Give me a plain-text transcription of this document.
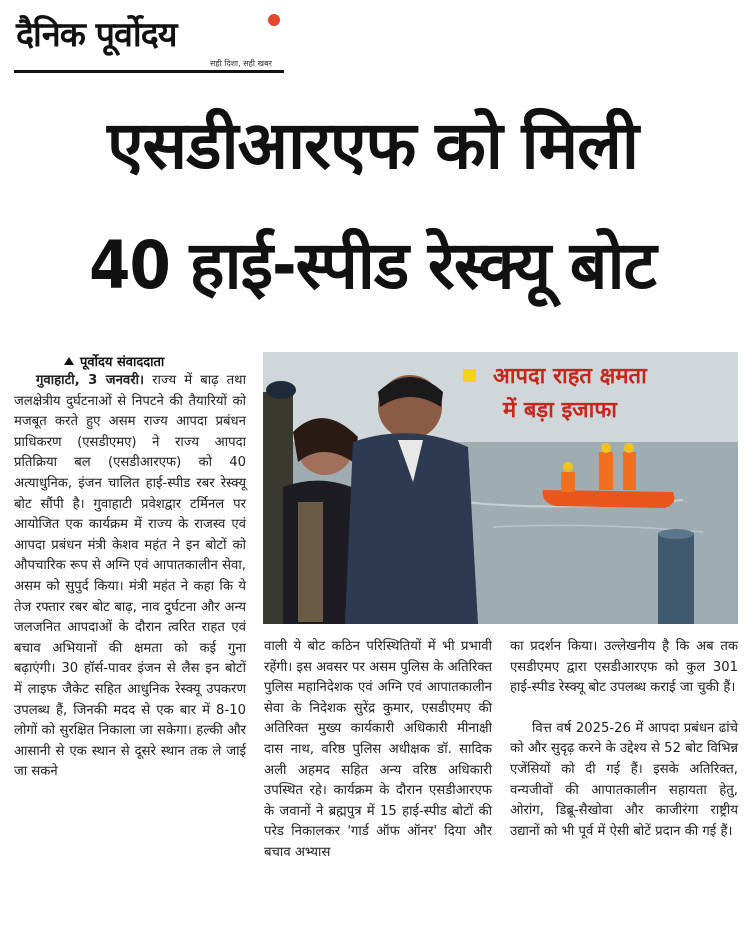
दैनिक पूर्वोदय
सही दिशा, सही खबर
एसडीआरएफ को मिली
40 हाई-स्पीड रेस्क्यू बोट
पूर्वोदय संवाददाता

गुवाहाटी, 3 जनवरी। राज्य में बाढ़ तथा जलक्षेत्रीय दुर्घटनाओं से निपटने की तैयारियों को मजबूत करते हुए असम राज्य आपदा प्रबंधन प्राधिकरण (एसडीएमए) ने राज्य आपदा प्रतिक्रिया बल (एसडीआरएफ) को 40 अत्याधुनिक, इंजन चालित हाई-स्पीड रबर रेस्क्यू बोट सौंपी है। गुवाहाटी प्रवेशद्वार टर्मिनल पर आयोजित एक कार्यक्रम में राज्य के राजस्व एवं आपदा प्रबंधन मंत्री केशव महंत ने इन बोटों को औपचारिक रूप से अग्नि एवं आपातकालीन सेवा, असम को सुपुर्द किया। मंत्री महंत ने कहा कि ये तेज रफ्तार रबर बोट बाढ़, नाव दुर्घटना और अन्य जलजनित आपदाओं के दौरान त्वरित राहत एवं बचाव अभियानों की क्षमता को कई गुना बढ़ाएंगी। 30 हॉर्स-पावर इंजन से लैस इन बोटों में लाइफ जैकेट सहित आधुनिक रेस्क्यू उपकरण उपलब्ध हैं, जिनकी मदद से एक बार में 8-10 लोगों को सुरक्षित निकाला जा सकेगा। हल्की और आसानी से एक स्थान से दूसरे स्थान तक ले जाई जा सकने

आपदा राहत क्षमता
में बड़ा इजाफा

वाली ये बोट कठिन परिस्थितियों में भी प्रभावी रहेंगी। इस अवसर पर असम पुलिस के अतिरिक्त पुलिस महानिदेशक एवं अग्नि एवं आपातकालीन सेवा के निदेशक सुरेंद्र कुमार, एसडीएमए की अतिरिक्त मुख्य कार्यकारी अधिकारी मीनाक्षी दास नाथ, वरिष्ठ पुलिस अधीक्षक डॉ. सादिक अली अहमद सहित अन्य वरिष्ठ अधिकारी उपस्थित रहे। कार्यक्रम के दौरान एसडीआरएफ के जवानों ने ब्रह्मपुत्र में 15 हाई-स्पीड बोटों की परेड निकालकर 'गार्ड ऑफ ऑनर' दिया और बचाव अभ्यास

का प्रदर्शन किया। उल्लेखनीय है कि अब तक एसडीएमए द्वारा एसडीआरएफ को कुल 301 हाई-स्पीड रेस्क्यू बोट उपलब्ध कराई जा चुकी हैं।

वित्त वर्ष 2025-26 में आपदा प्रबंधन ढांचे को और सुदृढ़ करने के उद्देश्य से 52 बोट विभिन्न एजेंसियों को दी गई हैं। इसके अतिरिक्त, वन्यजीवों की आपातकालीन सहायता हेतु, ओरांग, डिब्रू-सैखोवा और काजीरंगा राष्ट्रीय उद्यानों को भी पूर्व में ऐसी बोटें प्रदान की गई हैं।
